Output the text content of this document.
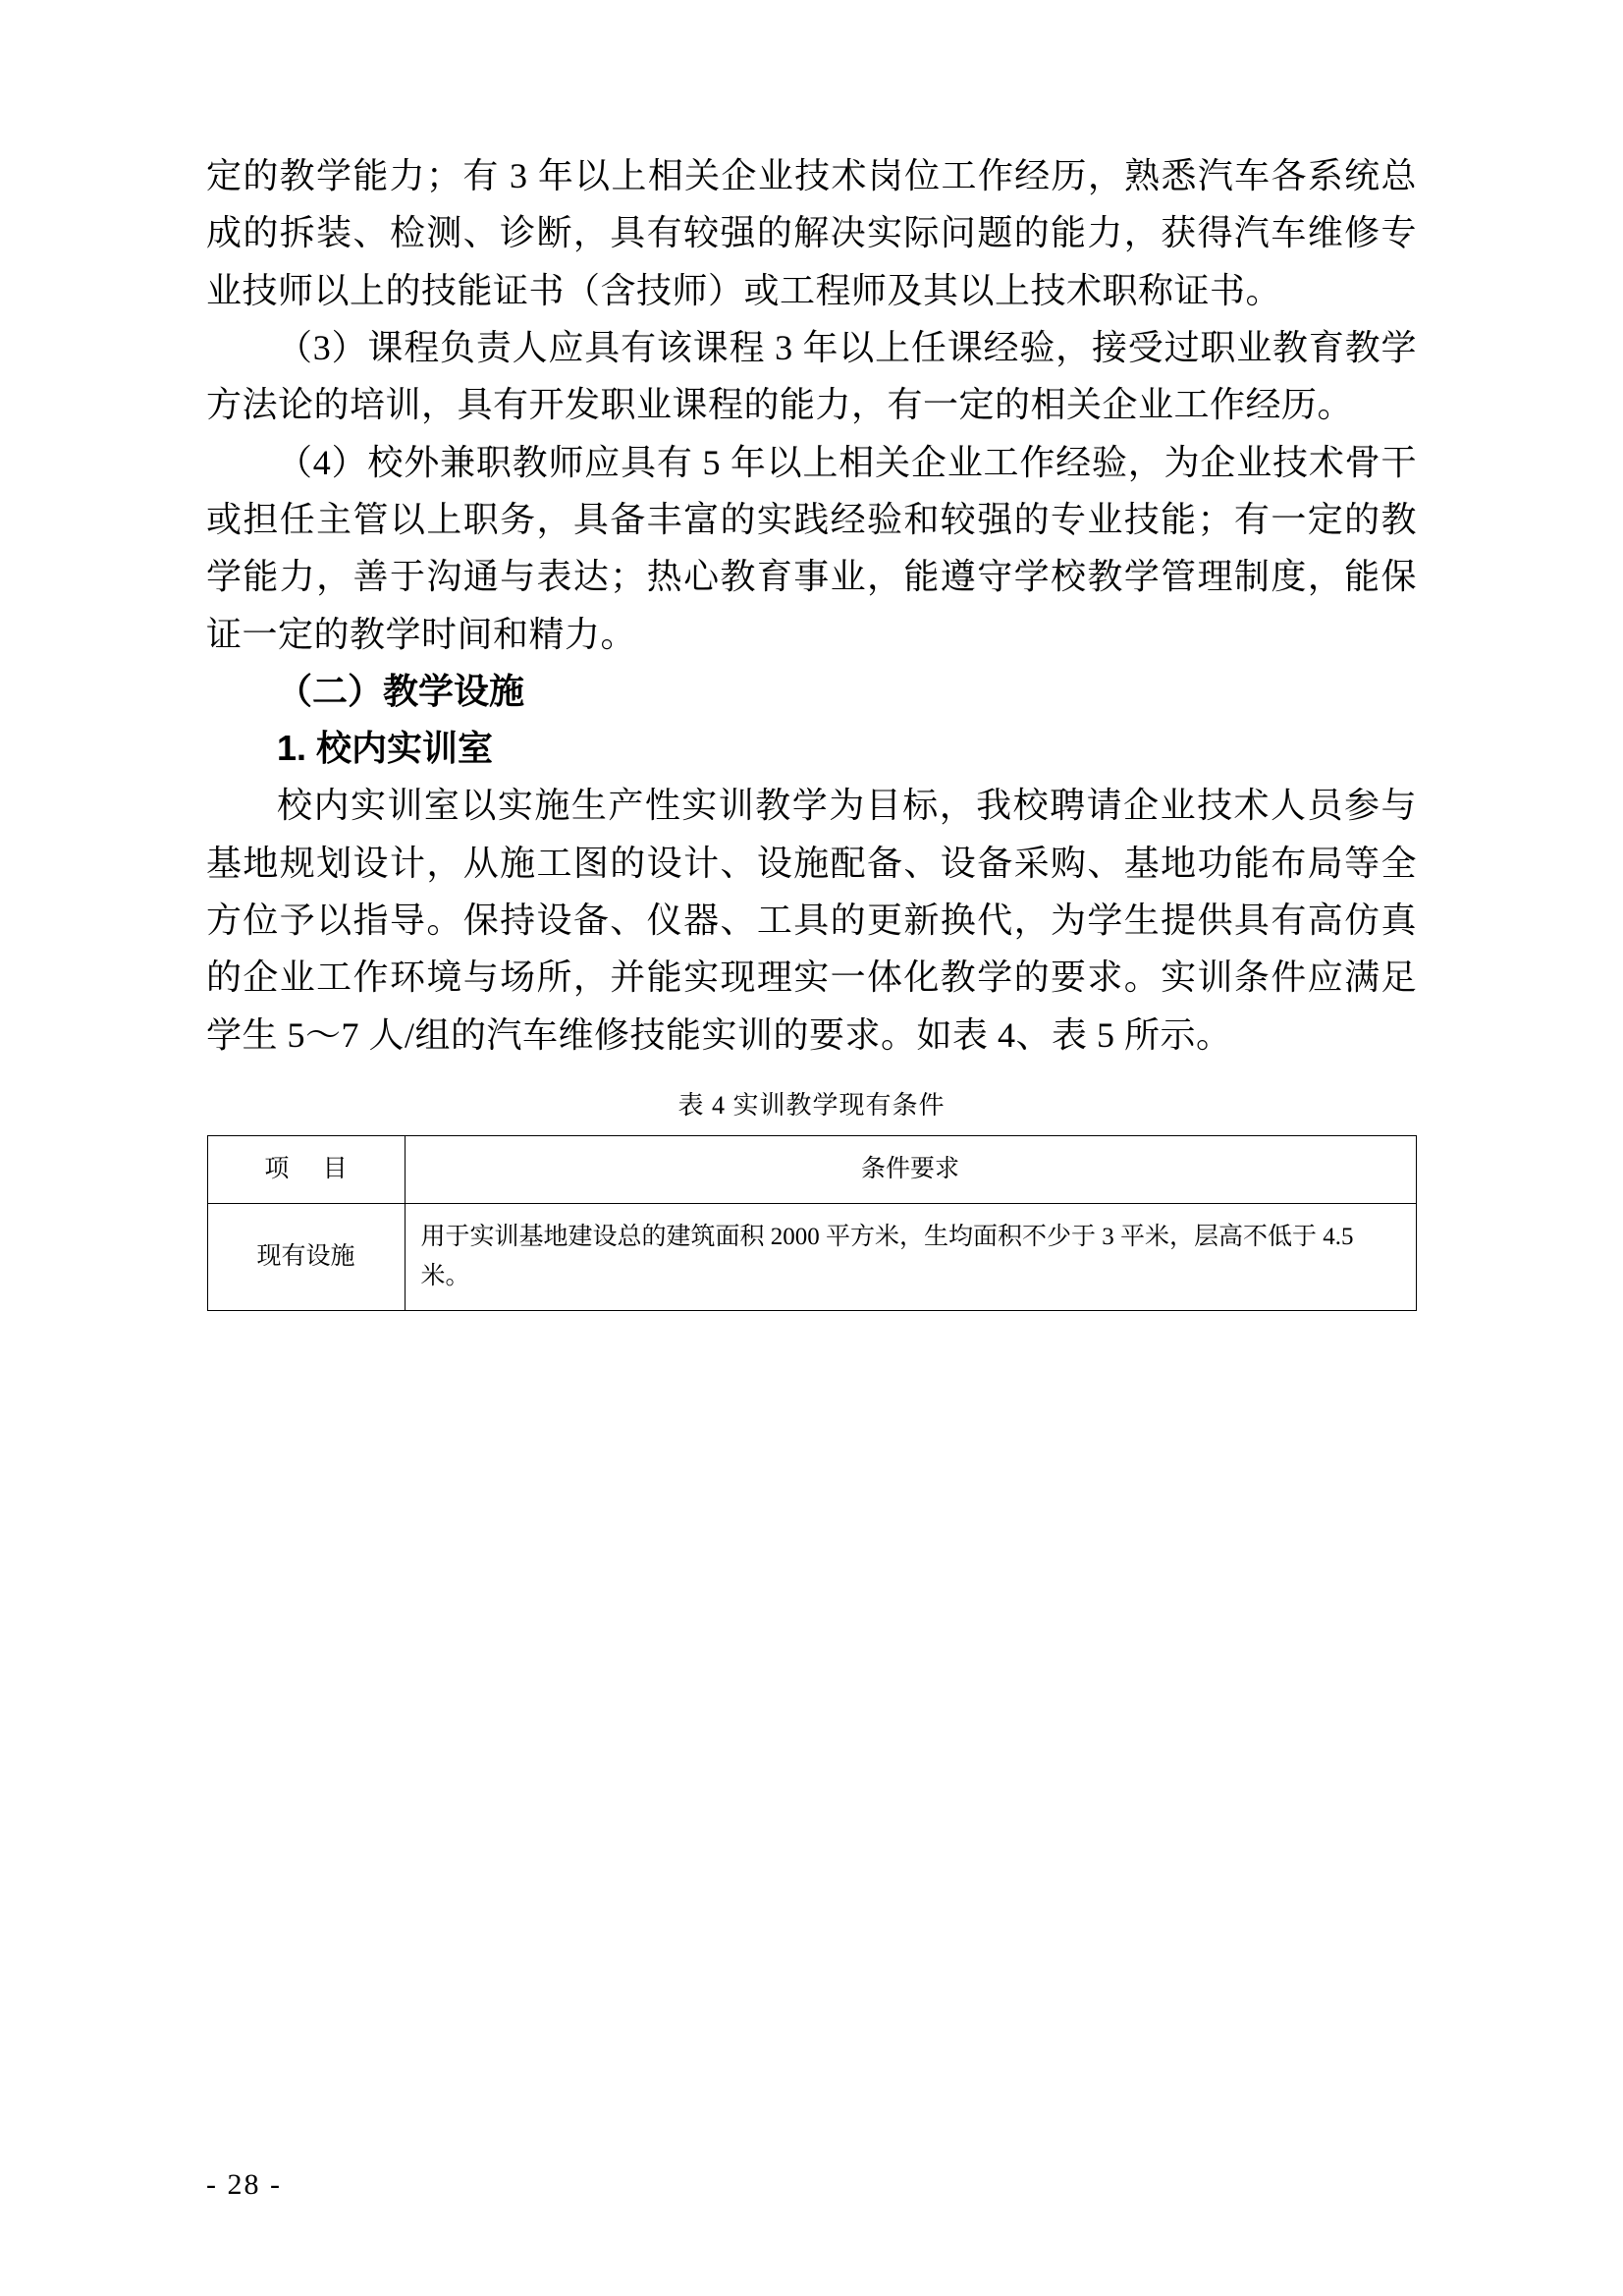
定的教学能力；有 3 年以上相关企业技术岗位工作经历，熟悉汽车各系统总成的拆装、检测、诊断，具有较强的解决实际问题的能力，获得汽车维修专业技师以上的技能证书（含技师）或工程师及其以上技术职称证书。

（3）课程负责人应具有该课程 3 年以上任课经验，接受过职业教育教学方法论的培训，具有开发职业课程的能力，有一定的相关企业工作经历。

（4）校外兼职教师应具有 5 年以上相关企业工作经验，为企业技术骨干或担任主管以上职务，具备丰富的实践经验和较强的专业技能；有一定的教学能力，善于沟通与表达；热心教育事业，能遵守学校教学管理制度，能保证一定的教学时间和精力。

（二）教学设施

1. 校内实训室

校内实训室以实施生产性实训教学为目标，我校聘请企业技术人员参与基地规划设计，从施工图的设计、设施配备、设备采购、基地功能布局等全方位予以指导。保持设备、仪器、工具的更新换代，为学生提供具有高仿真的企业工作环境与场所，并能实现理实一体化教学的要求。实训条件应满足学生 5～7 人/组的汽车维修技能实训的要求。如表 4、表 5 所示。

表 4 实训教学现有条件
项 目	条件要求
现有设施	用于实训基地建设总的建筑面积 2000 平方米，生均面积不少于 3 平米，层高不低于 4.5 米。
- 28 -
